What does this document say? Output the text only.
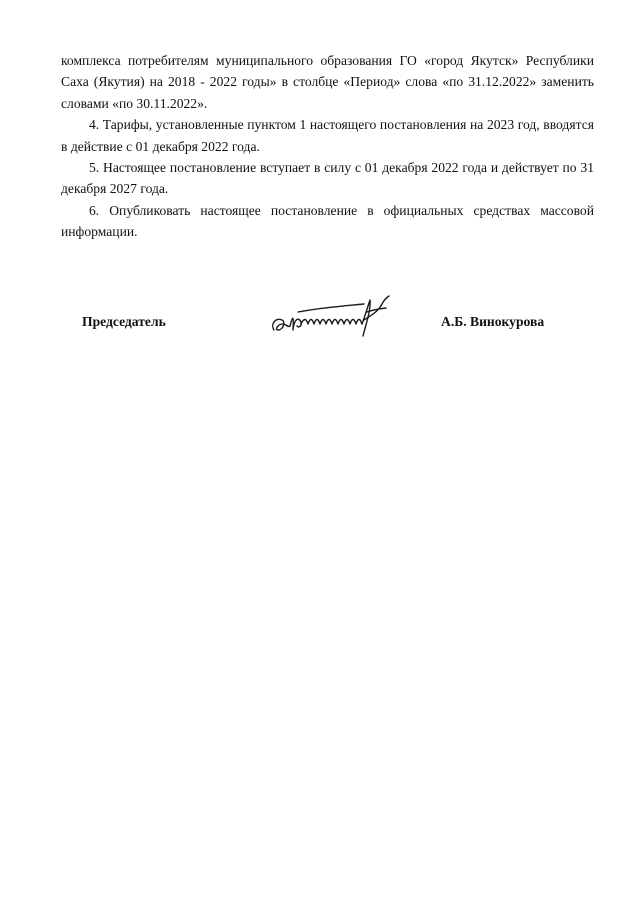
комплекса потребителям муниципального образования ГО «город Якутск» Республики Саха (Якутия) на 2018 - 2022 годы» в столбце «Период» слова «по 31.12.2022» заменить словами «по 30.11.2022».

4. Тарифы, установленные пунктом 1 настоящего постановления на 2023 год, вводятся в действие с 01 декабря 2022 года.

5. Настоящее постановление вступает в силу с 01 декабря 2022 года и действует по 31 декабря 2027 года.

6. Опубликовать настоящее постановление в официальных средствах массовой информации.

Председатель	А.Б. Винокурова
